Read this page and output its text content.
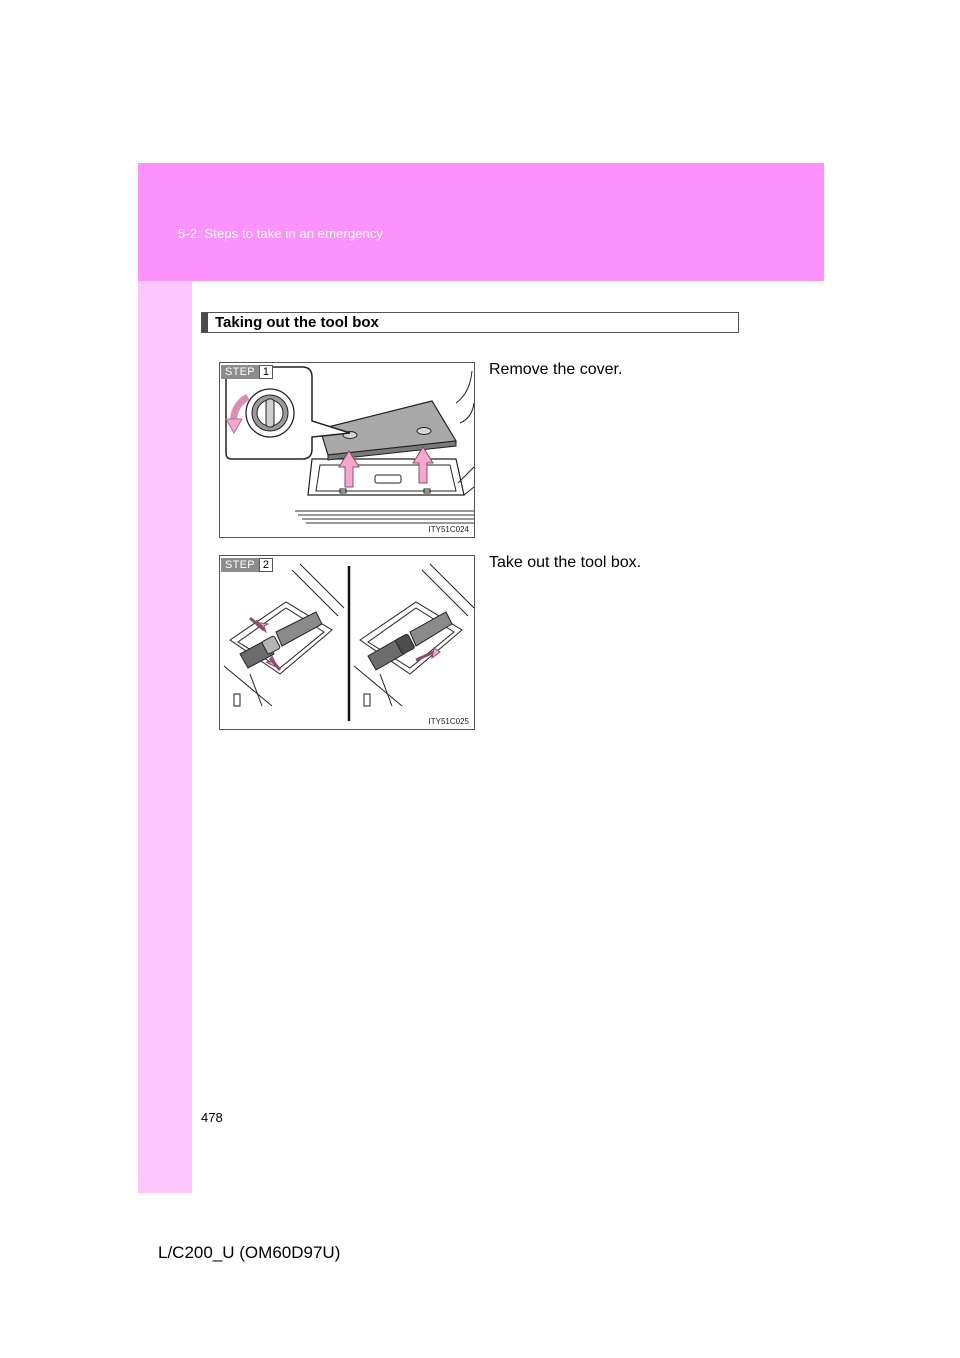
5-2. Steps to take in an emergency
Taking out the tool box
STEP 1
ITY51C024
Remove the cover.
STEP 2
ITY51C025
Take out the tool box.
478
L/C200_U (OM60D97U)
